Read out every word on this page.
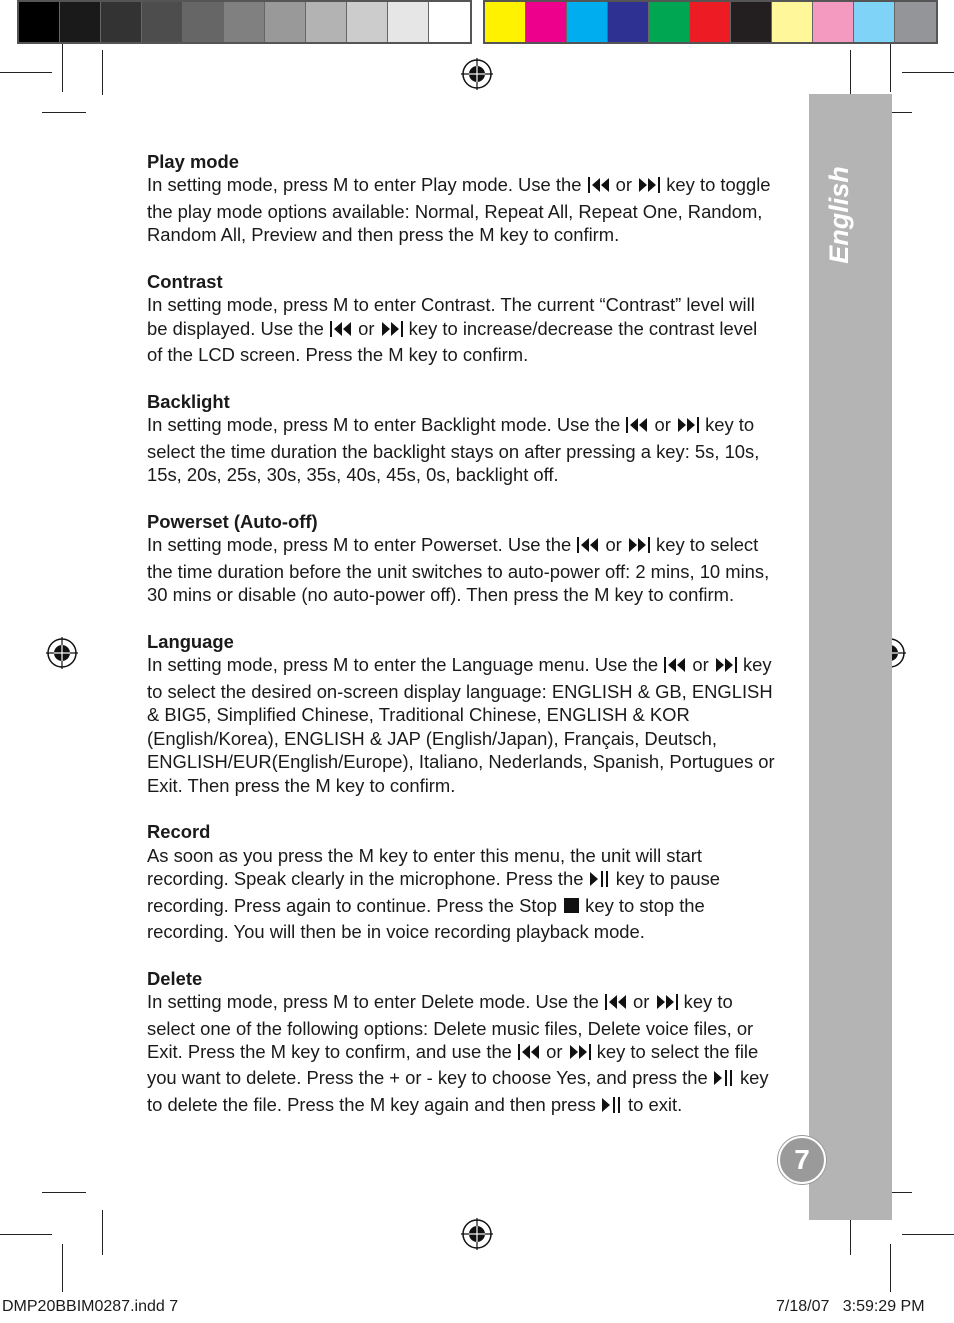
English
7
Play mode

In setting mode, press M to enter Play mode. Use the  or  key to toggle the play mode options available: Normal, Repeat All, Repeat One, Random, Random All, Preview and then press the M key to confirm.

Contrast

In setting mode, press M to enter Contrast. The current “Contrast” level will be displayed. Use the  or  key to increase/decrease the contrast level of the LCD screen. Press the M key to confirm.

Backlight

In setting mode, press M to enter Backlight mode. Use the  or  key to select the time duration the backlight stays on after pressing a key: 5s, 10s, 15s, 20s, 25s, 30s, 35s, 40s, 45s, 0s, backlight off.

Powerset (Auto-off)

In setting mode, press M to enter Powerset. Use the  or  key to select the time duration before the unit switches to auto-power off: 2 mins, 10 mins, 30 mins or disable (no auto-power off). Then press the M key to confirm.

Language

In setting mode, press M to enter the Language menu. Use the  or  key to select the desired on-screen display language: ENGLISH & GB, ENGLISH & BIG5, Simplified Chinese, Traditional Chinese, ENGLISH & KOR (English/Korea), ENGLISH & JAP (English/Japan), Français, Deutsch, ENGLISH/EUR(English/Europe), Italiano, Nederlands, Spanish, Portugues or Exit. Then press the M key to confirm.

Record

As soon as you press the M key to enter this menu, the unit will start recording. Speak clearly in the microphone. Press the  key to pause recording. Press again to continue. Press the Stop  key to stop the recording. You will then be in voice recording playback mode.

Delete

In setting mode, press M to enter Delete mode. Use the  or  key to select one of the following options: Delete music files, Delete voice files, or Exit. Press the M key to confirm, and use the  or  key to select the file you want to delete. Press the + or - key to choose Yes, and press the  key to delete the file. Press the M key again and then press  to exit.

DMP20BBIM0287.indd 7	7/18/07   3:59:29 PM
